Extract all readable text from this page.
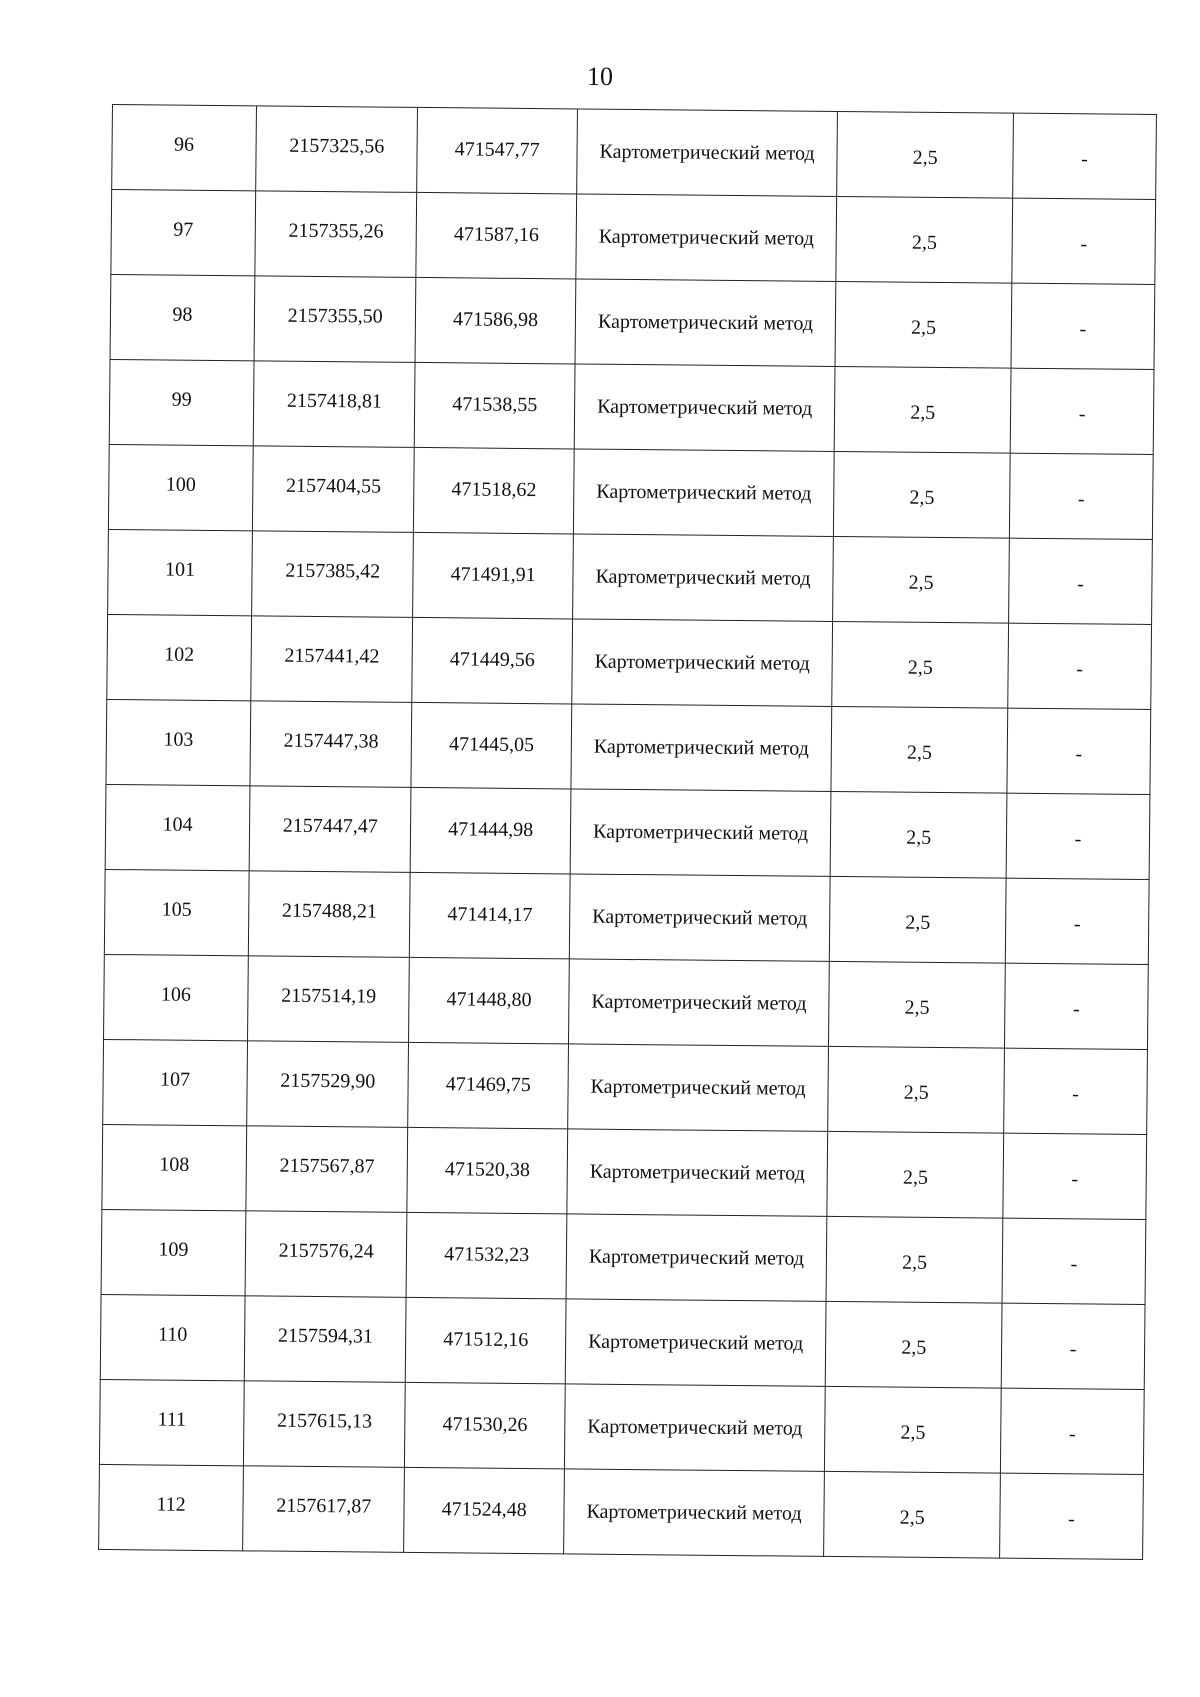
10
96	2157325,56	471547,77	Картометрический метод	2,5	-
97	2157355,26	471587,16	Картометрический метод	2,5	-
98	2157355,50	471586,98	Картометрический метод	2,5	-
99	2157418,81	471538,55	Картометрический метод	2,5	-
100	2157404,55	471518,62	Картометрический метод	2,5	-
101	2157385,42	471491,91	Картометрический метод	2,5	-
102	2157441,42	471449,56	Картометрический метод	2,5	-
103	2157447,38	471445,05	Картометрический метод	2,5	-
104	2157447,47	471444,98	Картометрический метод	2,5	-
105	2157488,21	471414,17	Картометрический метод	2,5	-
106	2157514,19	471448,80	Картометрический метод	2,5	-
107	2157529,90	471469,75	Картометрический метод	2,5	-
108	2157567,87	471520,38	Картометрический метод	2,5	-
109	2157576,24	471532,23	Картометрический метод	2,5	-
110	2157594,31	471512,16	Картометрический метод	2,5	-
111	2157615,13	471530,26	Картометрический метод	2,5	-
112	2157617,87	471524,48	Картометрический метод	2,5	-
